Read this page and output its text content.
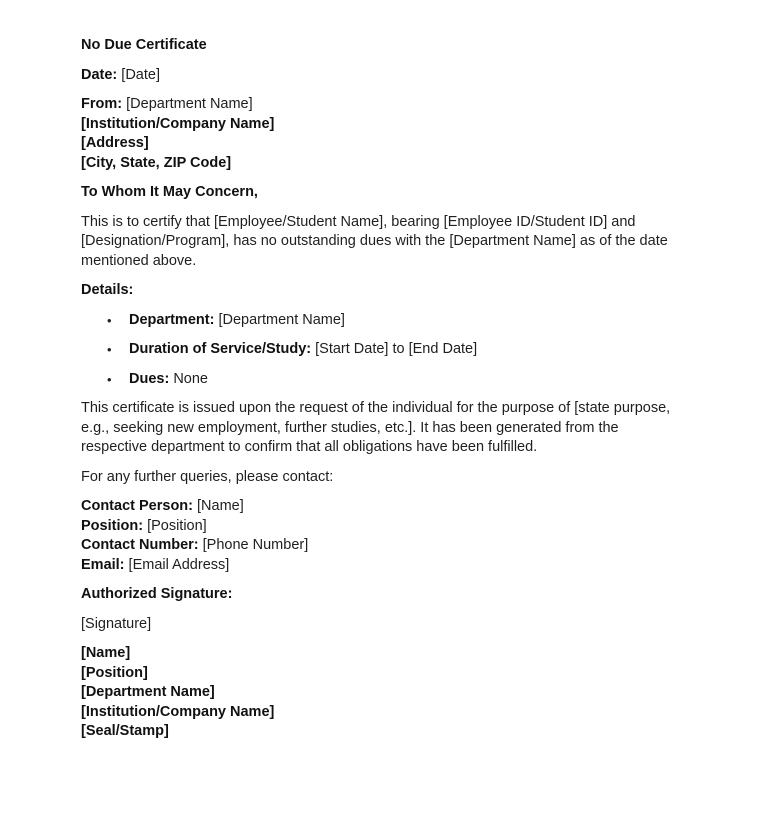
No Due Certificate

Date: [Date]

From: [Department Name]
[Institution/Company Name]
[Address]
[City, State, ZIP Code]

To Whom It May Concern,

This is to certify that [Employee/Student Name], bearing [Employee ID/Student ID] and [Designation/Program], has no outstanding dues with the [Department Name] as of the date mentioned above.

Details:

• Department: [Department Name]
• Duration of Service/Study: [Start Date] to [End Date]
• Dues: None

This certificate is issued upon the request of the individual for the purpose of [state purpose, e.g., seeking new employment, further studies, etc.]. It has been generated from the respective department to confirm that all obligations have been fulfilled.

For any further queries, please contact:

Contact Person: [Name]
Position: [Position]
Contact Number: [Phone Number]
Email: [Email Address]

Authorized Signature:

[Signature]

[Name]
[Position]
[Department Name]
[Institution/Company Name]
[Seal/Stamp]
